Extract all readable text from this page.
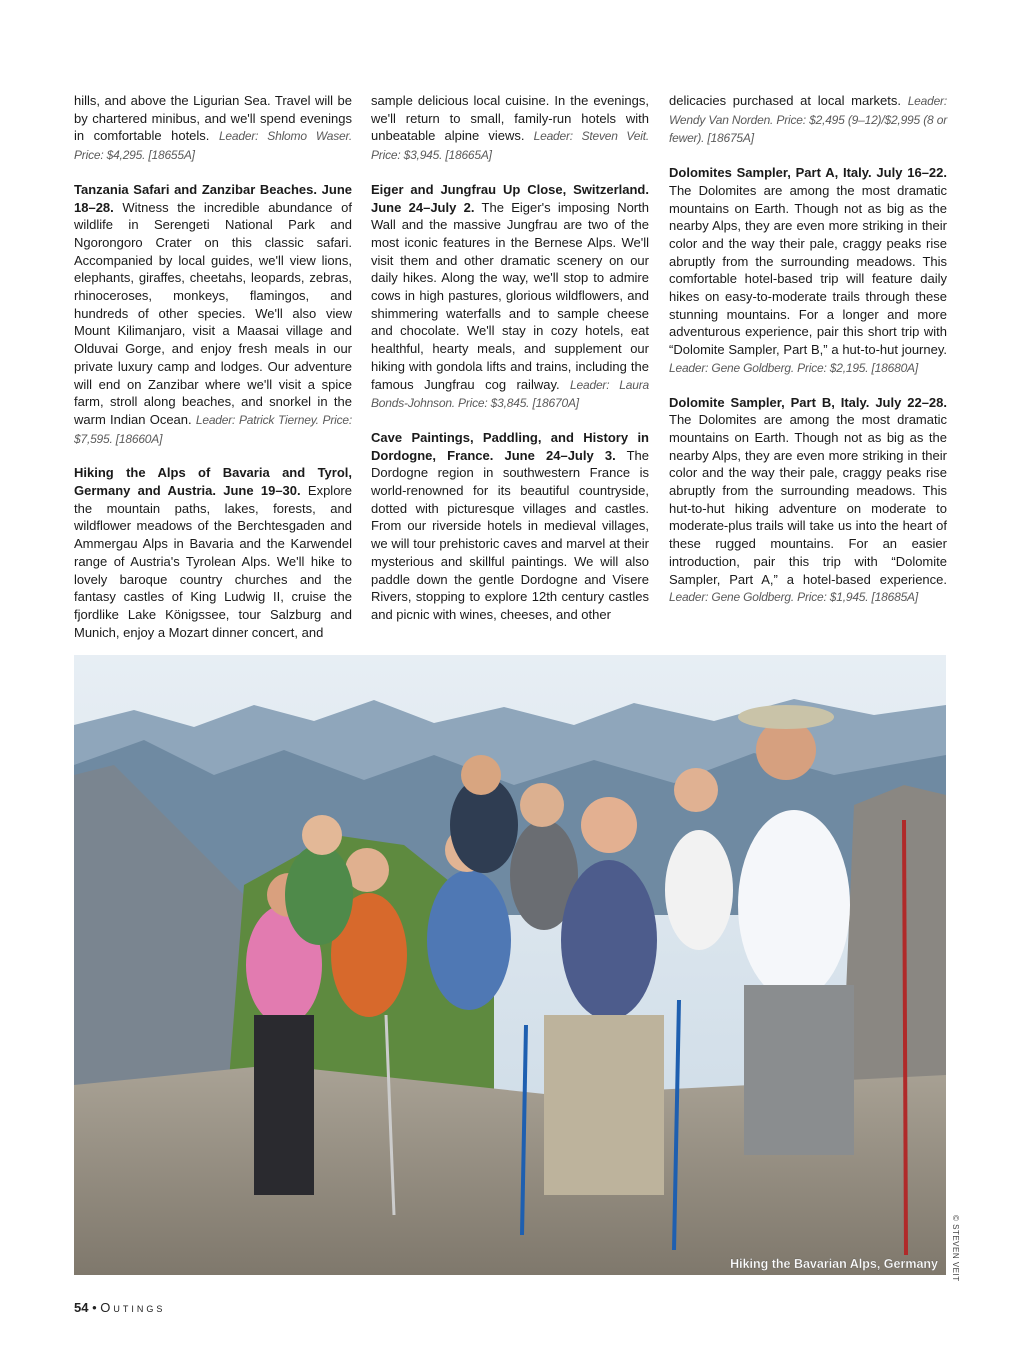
hills, and above the Ligurian Sea. Travel will be by chartered minibus, and we'll spend evenings in comfortable hotels. Leader: Shlomo Waser. Price: $4,295. [18655A]

Tanzania Safari and Zanzibar Beaches. June 18–28. Witness the incredible abundance of wildlife in Serengeti National Park and Ngorongoro Crater on this classic safari. Accompanied by local guides, we'll view lions, elephants, giraffes, cheetahs, leopards, zebras, rhinoceroses, monkeys, flamingos, and hundreds of other species. We'll also view Mount Kilimanjaro, visit a Maasai village and Olduvai Gorge, and enjoy fresh meals in our private luxury camp and lodges. Our adventure will end on Zanzibar where we'll visit a spice farm, stroll along beaches, and snorkel in the warm Indian Ocean. Leader: Patrick Tierney. Price: $7,595. [18660A]

Hiking the Alps of Bavaria and Tyrol, Germany and Austria. June 19–30. Explore the mountain paths, lakes, forests, and wildflower meadows of the Berchtesgaden and Ammergau Alps in Bavaria and the Karwendel range of Austria's Tyrolean Alps. We'll hike to lovely baroque country churches and the fantasy castles of King Ludwig II, cruise the fjordlike Lake Königssee, tour Salzburg and Munich, enjoy a Mozart dinner concert, and

sample delicious local cuisine. In the evenings, we'll return to small, family-run hotels with unbeatable alpine views. Leader: Steven Veit. Price: $3,945. [18665A]

Eiger and Jungfrau Up Close, Switzerland. June 24–July 2. The Eiger's imposing North Wall and the massive Jungfrau are two of the most iconic features in the Bernese Alps. We'll visit them and other dramatic scenery on our daily hikes. Along the way, we'll stop to admire cows in high pastures, glorious wildflowers, and shimmering waterfalls and to sample cheese and chocolate. We'll stay in cozy hotels, eat healthful, hearty meals, and supplement our hiking with gondola lifts and trains, including the famous Jungfrau cog railway. Leader: Laura Bonds-Johnson. Price: $3,845. [18670A]

Cave Paintings, Paddling, and History in Dordogne, France. June 24–July 3. The Dordogne region in southwestern France is world-renowned for its beautiful countryside, dotted with picturesque villages and castles. From our riverside hotels in medieval villages, we will tour prehistoric caves and marvel at their mysterious and skillful paintings. We will also paddle down the gentle Dordogne and Visere Rivers, stopping to explore 12th century castles and picnic with wines, cheeses, and other

delicacies purchased at local markets. Leader: Wendy Van Norden. Price: $2,495 (9–12)/$2,995 (8 or fewer). [18675A]

Dolomites Sampler, Part A, Italy. July 16–22. The Dolomites are among the most dramatic mountains on Earth. Though not as big as the nearby Alps, they are even more striking in their color and the way their pale, craggy peaks rise abruptly from the surrounding meadows. This comfortable hotel-based trip will feature daily hikes on easy-to-moderate trails through these stunning mountains. For a longer and more adventurous experience, pair this short trip with “Dolomite Sampler, Part B,” a hut-to-hut journey. Leader: Gene Goldberg. Price: $2,195. [18680A]

Dolomite Sampler, Part B, Italy. July 22–28. The Dolomites are among the most dramatic mountains on Earth. Though not as big as the nearby Alps, they are even more striking in their color and the way their pale, craggy peaks rise abruptly from the surrounding meadows. This hut-to-hut hiking adventure on moderate to moderate-plus trails will take us into the heart of these rugged mountains. For an easier introduction, pair this trip with “Dolomite Sampler, Part A,” a hotel-based experience. Leader: Gene Goldberg. Price: $1,945. [18685A]

Hiking the Bavarian Alps, Germany © STEVEN VEIT
54 • Outings
